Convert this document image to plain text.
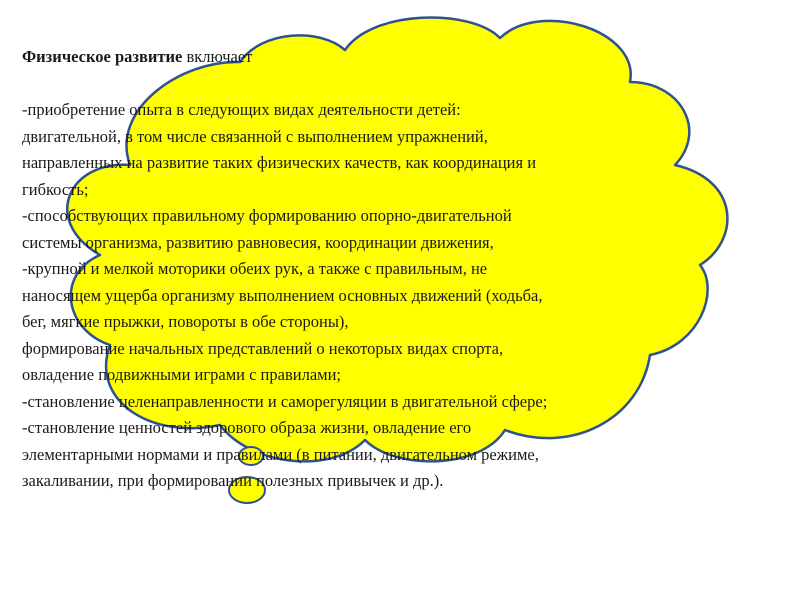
Физическое развитие включает
-приобретение опыта в следующих видах деятельности детей:
двигательной, в том числе связанной с выполнением упражнений,
направленных на развитие таких физических качеств, как координация и
гибкость;
-способствующих правильному формированию опорно-двигательной
системы организма, развитию равновесия, координации движения,
-крупной и мелкой моторики обеих рук, а также с правильным, не
наносящем ущерба организму выполнением основных движений (ходьба,
бег, мягкие прыжки, повороты в обе стороны),
формирование начальных представлений о некоторых видах спорта,
овладение подвижными играми с правилами;
-становление целенаправленности и саморегуляции в двигательной сфере;
-становление ценностей здорового образа жизни, овладение его
элементарными нормами и правилами (в питании, двигательном режиме,
закаливании, при формировании полезных привычек и др.).
